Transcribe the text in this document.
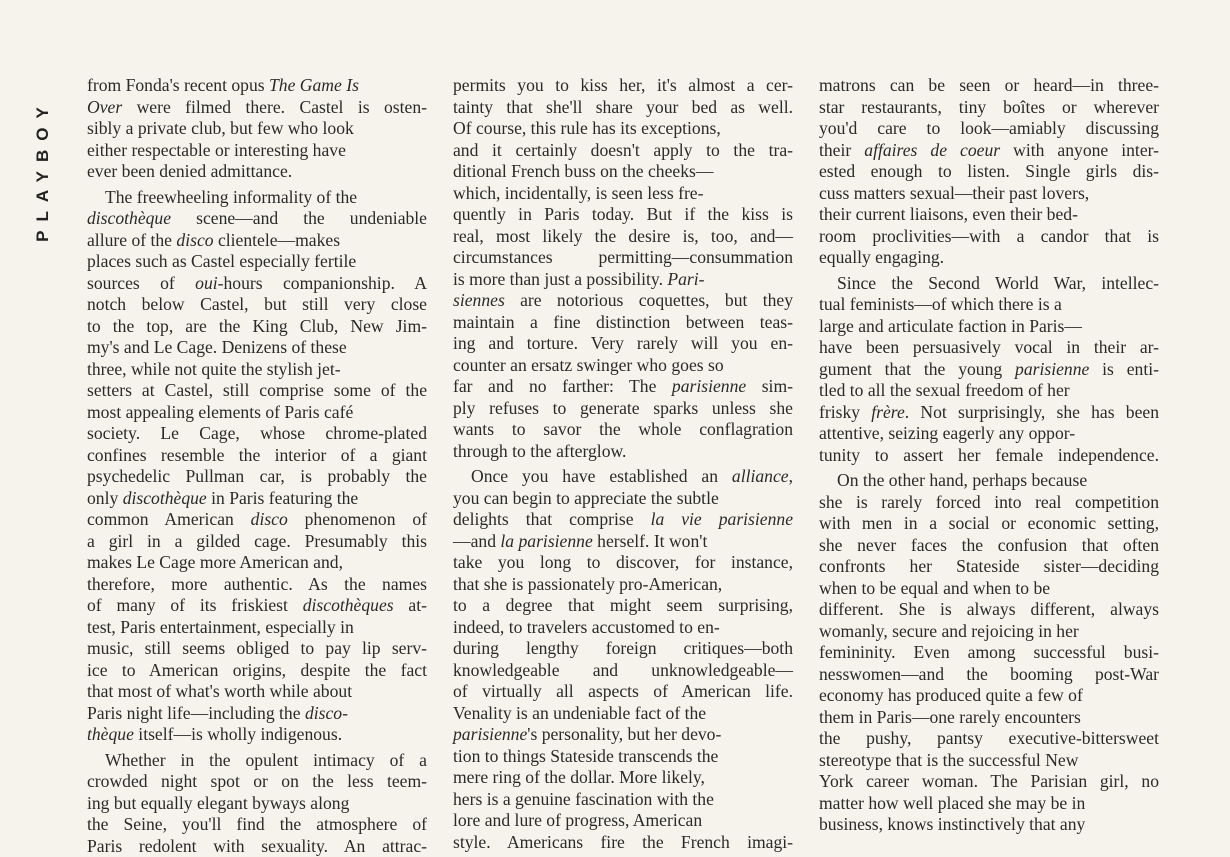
PLAYBOY
from Fonda's recent opus The Game Is
Over were filmed there. Castel is osten-
sibly a private club, but few who look
either respectable or interesting have
ever been denied admittance.
The freewheeling informality of the
discothèque scene—and the undeniable
allure of the disco clientele—makes
places such as Castel especially fertile
sources of oui-hours companionship. A
notch below Castel, but still very close
to the top, are the King Club, New Jim-
my's and Le Cage. Denizens of these
three, while not quite the stylish jet-
setters at Castel, still comprise some of the
most appealing elements of Paris café
society. Le Cage, whose chrome-plated
confines resemble the interior of a giant
psychedelic Pullman car, is probably the
only discothèque in Paris featuring the
common American disco phenomenon of
a girl in a gilded cage. Presumably this
makes Le Cage more American and,
therefore, more authentic. As the names
of many of its friskiest discothèques at-
test, Paris entertainment, especially in
music, still seems obliged to pay lip serv-
ice to American origins, despite the fact
that most of what's worth while about
Paris night life—including the disco-
thèque itself—is wholly indigenous.
Whether in the opulent intimacy of a
crowded night spot or on the less teem-
ing but equally elegant byways along
the Seine, you'll find the atmosphere of
Paris redolent with sexuality. An attrac-
permits you to kiss her, it's almost a cer-
tainty that she'll share your bed as well.
Of course, this rule has its exceptions,
and it certainly doesn't apply to the tra-
ditional French buss on the cheeks—
which, incidentally, is seen less fre-
quently in Paris today. But if the kiss is
real, most likely the desire is, too, and—
circumstances permitting—consummation
is more than just a possibility. Pari-
siennes are notorious coquettes, but they
maintain a fine distinction between teas-
ing and torture. Very rarely will you en-
counter an ersatz swinger who goes so
far and no farther: The parisienne sim-
ply refuses to generate sparks unless she
wants to savor the whole conflagration
through to the afterglow.
Once you have established an alliance,
you can begin to appreciate the subtle
delights that comprise la vie parisienne
—and la parisienne herself. It won't
take you long to discover, for instance,
that she is passionately pro-American,
to a degree that might seem surprising,
indeed, to travelers accustomed to en-
during lengthy foreign critiques—both
knowledgeable and unknowledgeable—
of virtually all aspects of American life.
Venality is an undeniable fact of the
parisienne's personality, but her devo-
tion to things Stateside transcends the
mere ring of the dollar. More likely,
hers is a genuine fascination with the
lore and lure of progress, American
style. Americans fire the French imagi-
matrons can be seen or heard—in three-
star restaurants, tiny boîtes or wherever
you'd care to look—amiably discussing
their affaires de coeur with anyone inter-
ested enough to listen. Single girls dis-
cuss matters sexual—their past lovers,
their current liaisons, even their bed-
room proclivities—with a candor that is
equally engaging.
Since the Second World War, intellec-
tual feminists—of which there is a
large and articulate faction in Paris—
have been persuasively vocal in their ar-
gument that the young parisienne is enti-
tled to all the sexual freedom of her
frisky frère. Not surprisingly, she has been
attentive, seizing eagerly any oppor-
tunity to assert her female independence.
On the other hand, perhaps because
she is rarely forced into real competition
with men in a social or economic setting,
she never faces the confusion that often
confronts her Stateside sister—deciding
when to be equal and when to be
different. She is always different, always
womanly, secure and rejoicing in her
femininity. Even among successful busi-
nesswomen—and the booming post-War
economy has produced quite a few of
them in Paris—one rarely encounters
the pushy, pantsy executive-bittersweet
stereotype that is the successful New
York career woman. The Parisian girl, no
matter how well placed she may be in
business, knows instinctively that any
